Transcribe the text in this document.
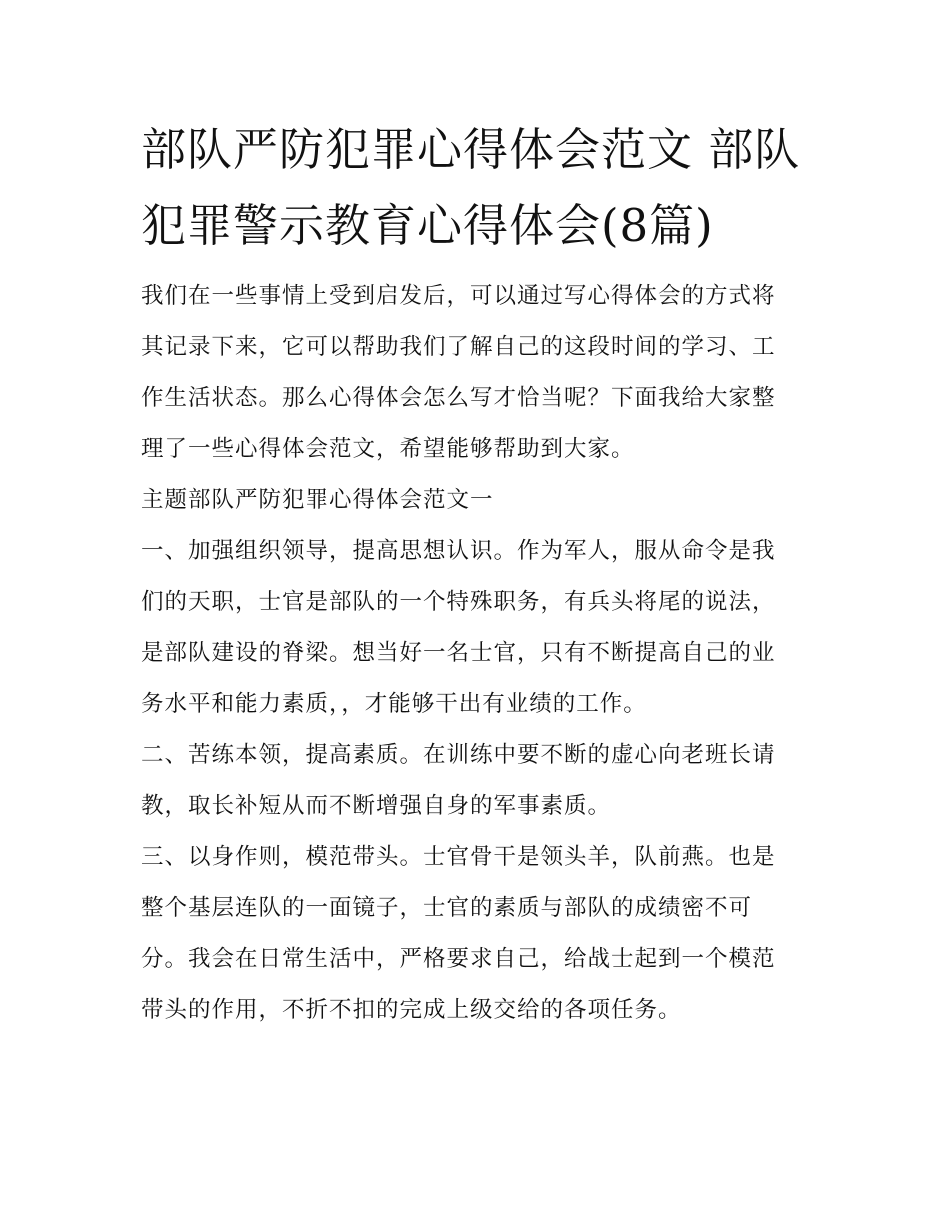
部队严防犯罪心得体会范文 部队犯罪警示教育心得体会(8篇)

我们在一些事情上受到启发后，可以通过写心得体会的方式将
其记录下来，它可以帮助我们了解自己的这段时间的学习、工
作生活状态。那么心得体会怎么写才恰当呢？下面我给大家整
理了一些心得体会范文，希望能够帮助到大家。

主题部队严防犯罪心得体会范文一

一、加强组织领导，提高思想认识。作为军人，服从命令是我
们的天职，士官是部队的一个特殊职务，有兵头将尾的说法，
是部队建设的脊梁。想当好一名士官，只有不断提高自己的业
务水平和能力素质，，才能够干出有业绩的工作。

二、苦练本领，提高素质。在训练中要不断的虚心向老班长请
教，取长补短从而不断增强自身的军事素质。

三、以身作则，模范带头。士官骨干是领头羊，队前燕。也是
整个基层连队的一面镜子，士官的素质与部队的成绩密不可
分。我会在日常生活中，严格要求自己，给战士起到一个模范
带头的作用，不折不扣的完成上级交给的各项任务。
